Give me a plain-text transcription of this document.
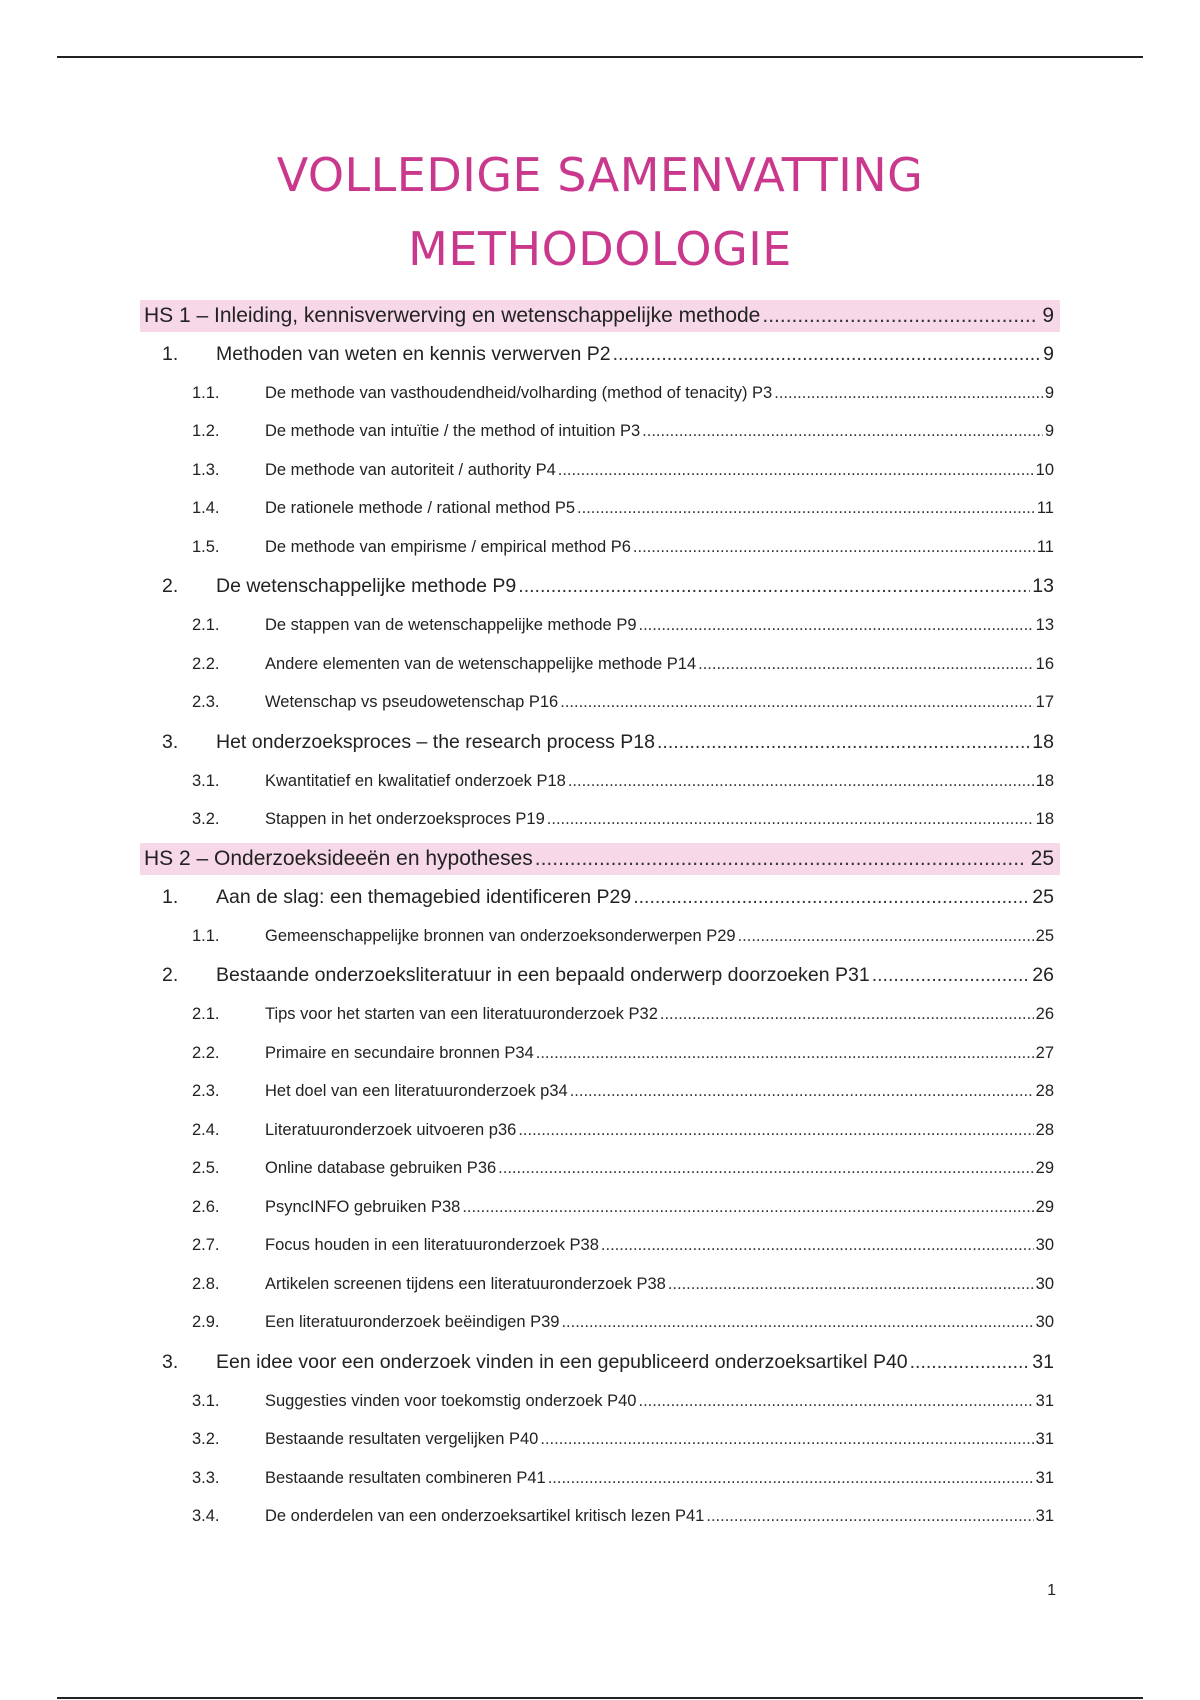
VOLLEDIGE SAMENVATTING
METHODOLOGIE
HS 1 – Inleiding, kennisverwerving en wetenschappelijke methode .....	9
1.	Methoden van weten en kennis verwerven P2 .....	9
1.1.	De methode van vasthoudendheid/volharding (method of tenacity) P3 .....	9
1.2.	De methode van intuïtie / the method of intuition P3 .....	9
1.3.	De methode van autoriteit / authority P4 .....	10
1.4.	De rationele methode / rational method P5 .....	11
1.5.	De methode van empirisme / empirical method P6 .....	11
2.	De wetenschappelijke methode P9 .....	13
2.1.	De stappen van de wetenschappelijke methode P9 .....	13
2.2.	Andere elementen van de wetenschappelijke methode P14 .....	16
2.3.	Wetenschap vs pseudowetenschap P16 .....	17
3.	Het onderzoeksproces – the research process P18 .....	18
3.1.	Kwantitatief en kwalitatief onderzoek P18 .....	18
3.2.	Stappen in het onderzoeksproces P19 .....	18
HS 2 – Onderzoeksideeën en hypotheses .....	25
1.	Aan de slag: een themagebied identificeren P29 .....	25
1.1.	Gemeenschappelijke bronnen van onderzoeksonderwerpen P29 .....	25
2.	Bestaande onderzoeksliteratuur in een bepaald onderwerp doorzoeken P31 .....	26
2.1.	Tips voor het starten van een literatuuronderzoek P32 .....	26
2.2.	Primaire en secundaire bronnen P34 .....	27
2.3.	Het doel van een literatuuronderzoek p34 .....	28
2.4.	Literatuuronderzoek uitvoeren p36 .....	28
2.5.	Online database gebruiken P36 .....	29
2.6.	PsyncINFO gebruiken P38 .....	29
2.7.	Focus houden in een literatuuronderzoek P38 .....	30
2.8.	Artikelen screenen tijdens een literatuuronderzoek P38 .....	30
2.9.	Een literatuuronderzoek beëindigen P39 .....	30
3.	Een idee voor een onderzoek vinden in een gepubliceerd onderzoeksartikel P40 .....	31
3.1.	Suggesties vinden voor toekomstig onderzoek P40 .....	31
3.2.	Bestaande resultaten vergelijken P40 .....	31
3.3.	Bestaande resultaten combineren P41 .....	31
3.4.	De onderdelen van een onderzoeksartikel kritisch lezen P41 .....	31
1
